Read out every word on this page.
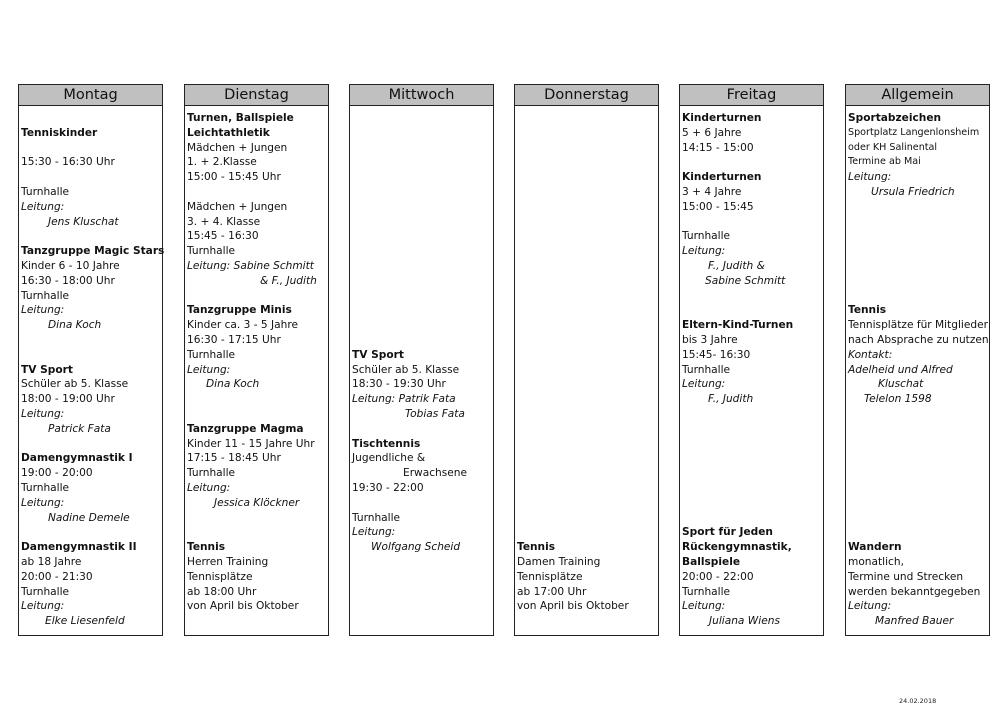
Montag
Tenniskinder
15:30 - 16:30 Uhr
Turnhalle
Leitung:
Jens Kluschat
Tanzgruppe Magic Stars
Kinder 6 - 10 Jahre
16:30 - 18:00 Uhr
Turnhalle
Leitung:
Dina Koch
TV Sport
Schüler ab 5. Klasse
18:00 - 19:00 Uhr
Leitung:
Patrick Fata
Damengymnastik I
19:00 - 20:00
Turnhalle
Leitung:
Nadine Demele
Damengymnastik II
ab 18 Jahre
20:00 - 21:30
Turnhalle
Leitung:
Elke Liesenfeld
Dienstag
Turnen, Ballspiele
Leichtathletik
Mädchen + Jungen
1. + 2.Klasse
15:00 - 15:45 Uhr
Mädchen + Jungen
3. + 4. Klasse
15:45 - 16:30
Turnhalle
Leitung: Sabine Schmitt
& F., Judith
Tanzgruppe Minis
Kinder ca. 3 - 5 Jahre
16:30 - 17:15 Uhr
Turnhalle
Leitung:
Dina Koch
Tanzgruppe Magma
Kinder 11 - 15 Jahre Uhr
17:15 - 18:45 Uhr
Turnhalle
Leitung:
Jessica Klöckner
Tennis
Herren Training
Tennisplätze
ab 18:00 Uhr
von April bis Oktober
Mittwoch
TV Sport
Schüler ab 5. Klasse
18:30 - 19:30 Uhr
Leitung: Patrik Fata
Tobias Fata
Tischtennis
Jugendliche &
Erwachsene
19:30 - 22:00
Turnhalle
Leitung:
Wolfgang Scheid
Donnerstag
Tennis
Damen Training
Tennisplätze
ab 17:00 Uhr
von April bis Oktober
Freitag
Kinderturnen
5 + 6 Jahre
14:15 - 15:00
Kinderturnen
3 + 4 Jahre
15:00 - 15:45
Turnhalle
Leitung:
F., Judith &
Sabine Schmitt
Eltern-Kind-Turnen
bis 3 Jahre
15:45- 16:30
Turnhalle
Leitung:
F., Judith
Sport für Jeden
Rückengymnastik,
Ballspiele
20:00 - 22:00
Turnhalle
Leitung:
Juliana Wiens
Allgemein
Sportabzeichen
Sportplatz Langenlonsheim
oder KH Salinental
Termine ab Mai
Leitung:
Ursula Friedrich
Tennis
Tennisplätze für Mitglieder
nach Absprache zu nutzen
Kontakt:
Adelheid und Alfred
Kluschat
Telelon 1598
Wandern
monatlich,
Termine und Strecken
werden bekanntgegeben
Leitung:
Manfred Bauer
24.02.2018
